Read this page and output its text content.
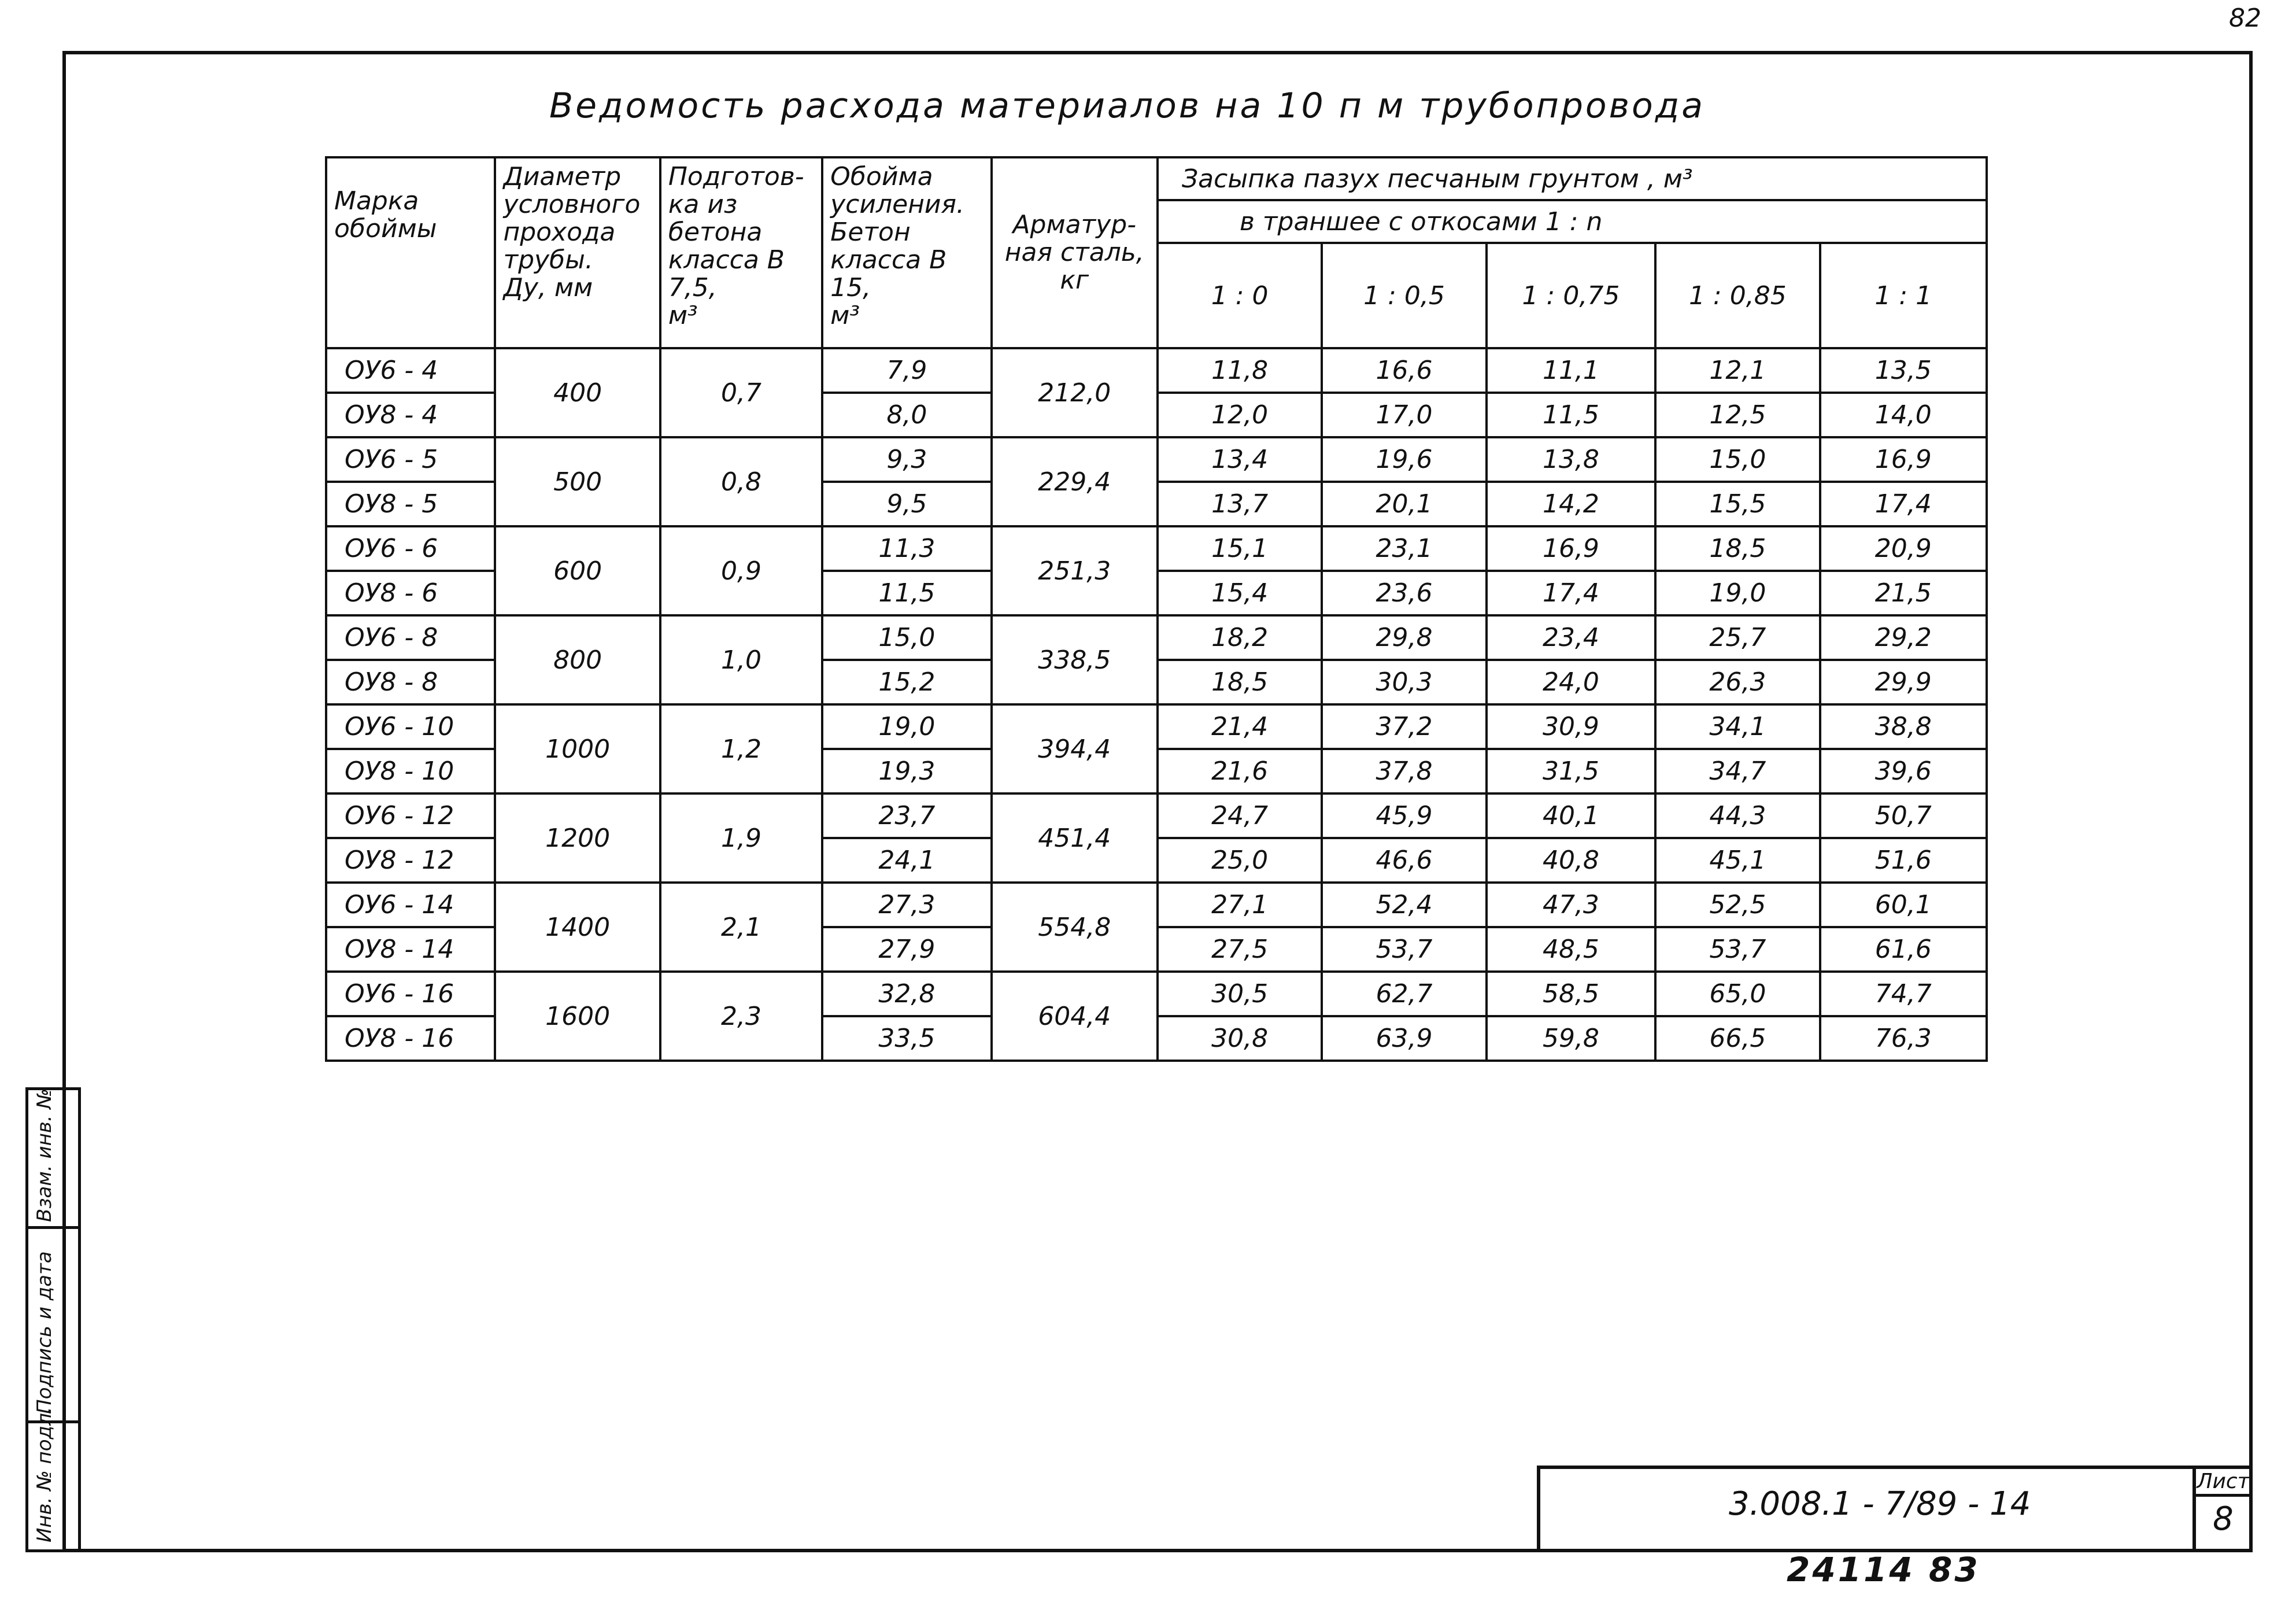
82
Ведомость расхода материалов на 10 п м трубопровода
Марка
обоймы	Диаметр
условного
прохода
трубы.
Ду, мм	Подготов-
ка из
бетона
класса В 7,5,
м³	Обойма
усиления.
Бетон
класса В 15,
м³	Арматур-
ная сталь,
кг	Засыпка пазух песчаным грунтом , м³				
					в траншее с откосами 1 : n				
					1 : 0	1 : 0,5	1 : 0,75	1 : 0,85	1 : 1
ОУ6 - 4	400	0,7	7,9	212,0	11,8	16,6	11,1	12,1	13,5
ОУ8 - 4			8,0		12,0	17,0	11,5	12,5	14,0
ОУ6 - 5	500	0,8	9,3	229,4	13,4	19,6	13,8	15,0	16,9
ОУ8 - 5			9,5		13,7	20,1	14,2	15,5	17,4
ОУ6 - 6	600	0,9	11,3	251,3	15,1	23,1	16,9	18,5	20,9
ОУ8 - 6			11,5		15,4	23,6	17,4	19,0	21,5
ОУ6 - 8	800	1,0	15,0	338,5	18,2	29,8	23,4	25,7	29,2
ОУ8 - 8			15,2		18,5	30,3	24,0	26,3	29,9
ОУ6 - 10	1000	1,2	19,0	394,4	21,4	37,2	30,9	34,1	38,8
ОУ8 - 10			19,3		21,6	37,8	31,5	34,7	39,6
ОУ6 - 12	1200	1,9	23,7	451,4	24,7	45,9	40,1	44,3	50,7
ОУ8 - 12			24,1		25,0	46,6	40,8	45,1	51,6
ОУ6 - 14	1400	2,1	27,3	554,8	27,1	52,4	47,3	52,5	60,1
ОУ8 - 14			27,9		27,5	53,7	48,5	53,7	61,6
ОУ6 - 16	1600	2,3	32,8	604,4	30,5	62,7	58,5	65,0	74,7
ОУ8 - 16			33,5		30,8	63,9	59,8	66,5	76,3
Взам. инв. №
Подпись и дата
Инв. № подл.	3.008.1 - 7/89 - 14
Лист
8
24114 83
